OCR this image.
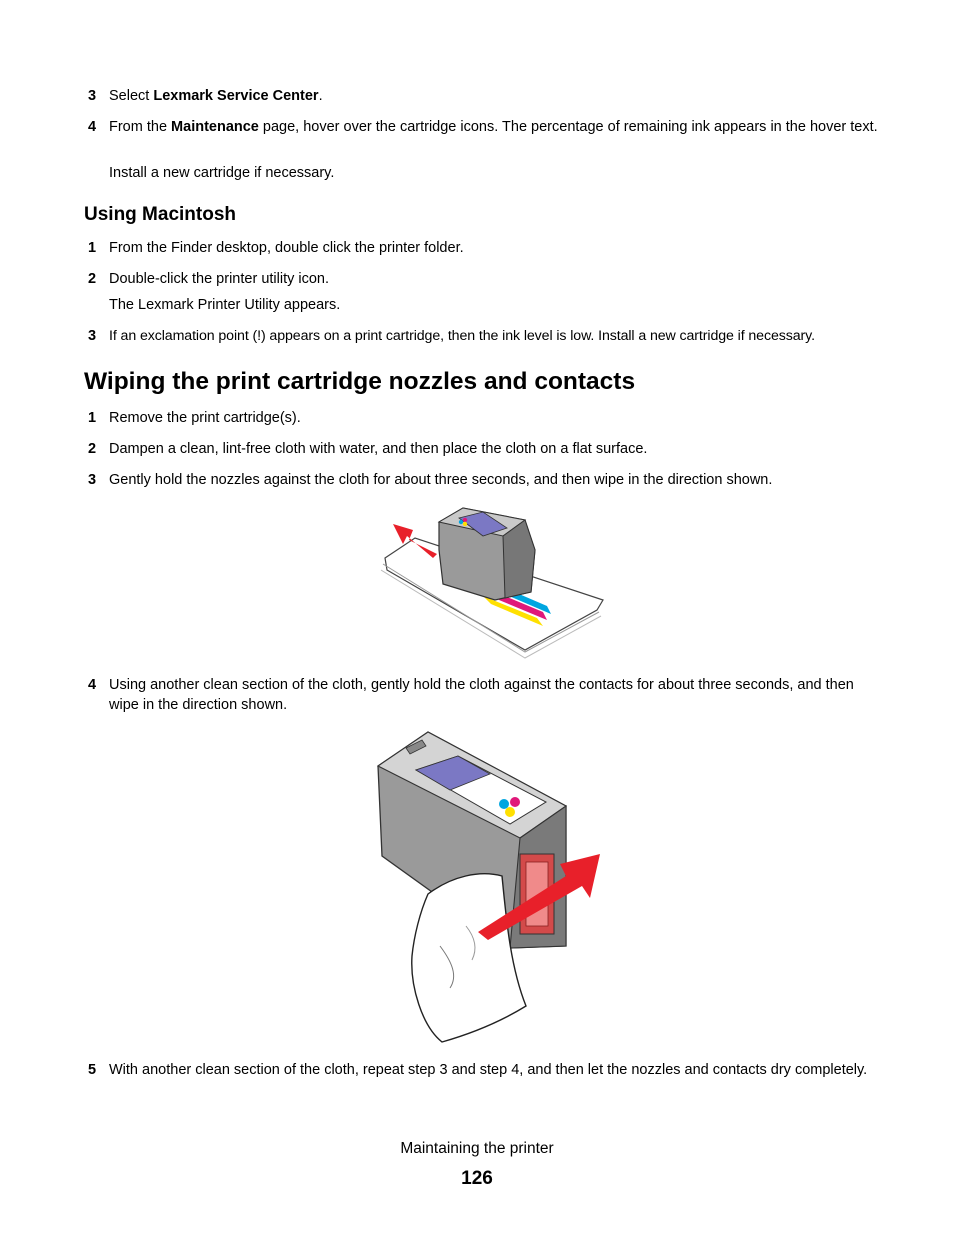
3 Select Lexmark Service Center.
4 From the Maintenance page, hover over the cartridge icons. The percentage of remaining ink appears in the hover text.
Install a new cartridge if necessary.
Using Macintosh
1 From the Finder desktop, double click the printer folder.
2 Double-click the printer utility icon.
The Lexmark Printer Utility appears.
3 If an exclamation point (!) appears on a print cartridge, then the ink level is low. Install a new cartridge if necessary.
Wiping the print cartridge nozzles and contacts
1 Remove the print cartridge(s).
2 Dampen a clean, lint-free cloth with water, and then place the cloth on a flat surface.
3 Gently hold the nozzles against the cloth for about three seconds, and then wipe in the direction shown.
4 Using another clean section of the cloth, gently hold the cloth against the contacts for about three seconds, and then wipe in the direction shown.
5 With another clean section of the cloth, repeat step 3 and step 4, and then let the nozzles and contacts dry completely.
Maintaining the printer
126
